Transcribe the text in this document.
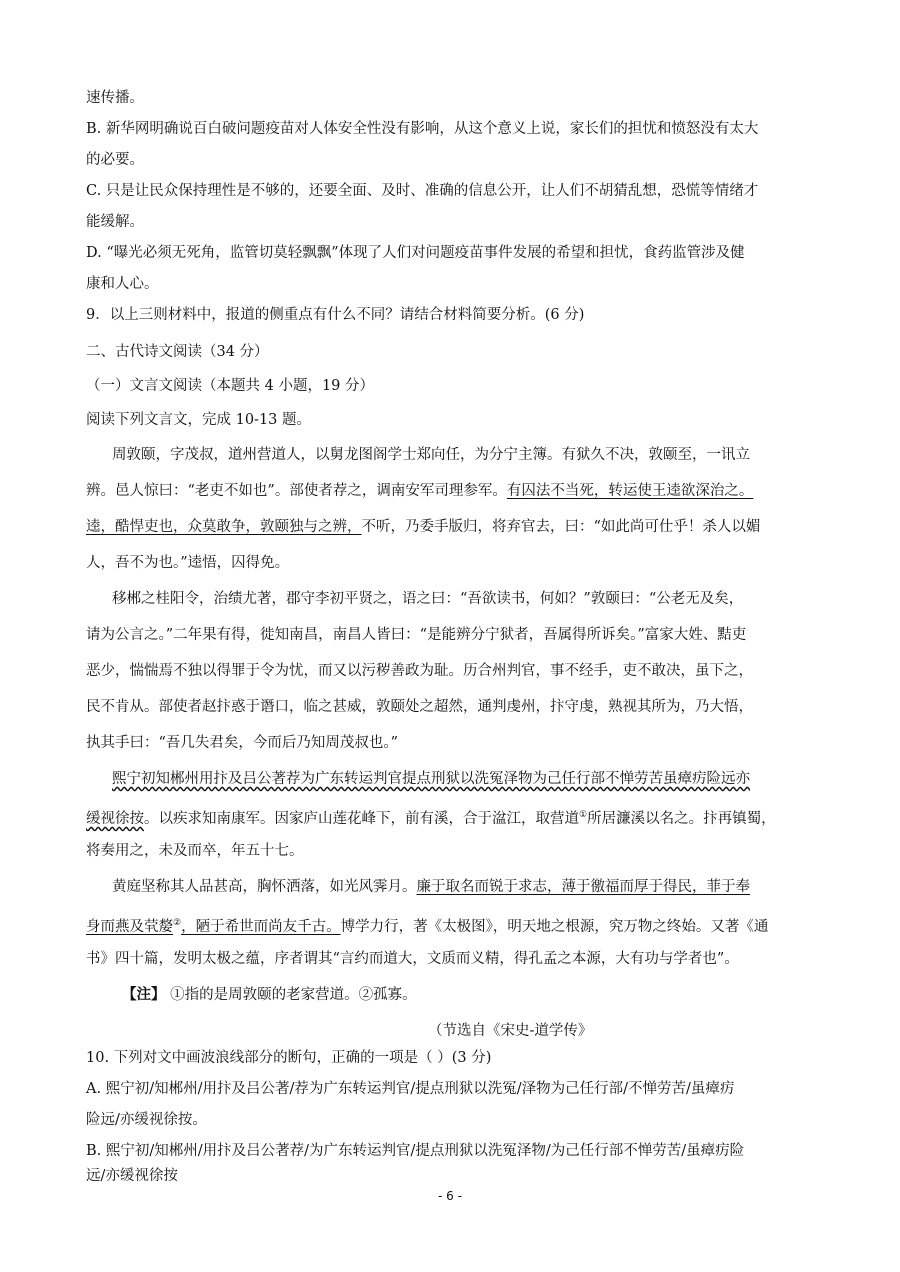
速传播。
B. 新华网明确说百白破问题疫苗对人体安全性没有影响，从这个意义上说，家长们的担忧和愤怒没有太大
的必要。
C. 只是让民众保持理性是不够的，还要全面、及时、准确的信息公开，让人们不胡猜乱想，恐慌等情绪才
能缓解。
D. “曝光必须无死角，监管切莫轻飘飘”体现了人们对问题疫苗事件发展的希望和担忧，食药监管涉及健
康和人心。
9．以上三则材料中，报道的侧重点有什么不同？请结合材料简要分析。(6 分)
二、古代诗文阅读（34 分）
（一）文言文阅读（本题共 4 小题，19 分）
阅读下列文言文，完成 10-13 题。
周敦颐，字茂叔，道州营道人，以舅龙图阁学士郑向任，为分宁主簿。有狱久不决，敦颐至，一讯立
辨。邑人惊曰：“老吏不如也”。部使者荐之，调南安军司理参军。有囚法不当死，转运使王逵欲深治之。
逵，酷悍吏也，众莫敢争，敦颐独与之辨，不听，乃委手版归，将弃官去，曰：“如此尚可仕乎！杀人以媚
人，吾不为也。”逵悟，囚得免。
移郴之桂阳令，治绩尤著，郡守李初平贤之，语之曰：“吾欲读书，何如？”敦颐曰：“公老无及矣，
请为公言之。”二年果有得，徙知南昌，南昌人皆曰：“是能辨分宁狱者，吾属得所诉矣。”富家大姓、黠吏
恶少，惴惴焉不独以得罪于令为忧，而又以污秽善政为耻。历合州判官，事不经手，吏不敢决，虽下之，
民不肯从。部使者赵抃惑于谮口，临之甚威，敦颐处之超然，通判虔州，抃守虔，熟视其所为，乃大悟，
执其手曰：“吾几失君矣，今而后乃知周茂叔也。”
熙宁初知郴州用抃及吕公著荐为广东转运判官提点刑狱以洗冤泽物为己任行部不惮劳苦虽瘴疠险远亦
缓视徐按。以疾求知南康军。因家庐山莲花峰下，前有溪，合于湓江，取营道①所居濂溪以名之。抃再镇蜀，
将奏用之，未及而卒，年五十七。
黄庭坚称其人品甚高，胸怀洒落，如光风霁月。廉于取名而锐于求志，薄于徼福而厚于得民，菲于奉
身而燕及茕嫠②，陋于希世而尚友千古。博学力行，著《太极图》，明天地之根源，究万物之终始。又著《通
书》四十篇，发明太极之蕴，序者谓其“言约而道大，文质而义精，得孔孟之本源，大有功与学者也”。
【注】 ①指的是周敦颐的老家营道。②孤寡。
（节选自《宋史-道学传》
10. 下列对文中画波浪线部分的断句，正确的一项是（ ）(3 分)
A. 熙宁初/知郴州/用抃及吕公著/荐为广东转运判官/提点刑狱以洗冤/泽物为己任行部/不惮劳苦/虽瘴疠
险远/亦缓视徐按。
B. 熙宁初/知郴州/用抃及吕公著荐/为广东转运判官/提点刑狱以洗冤泽物/为己任行部不惮劳苦/虽瘴疠险
远/亦缓视徐按
- 6 -
